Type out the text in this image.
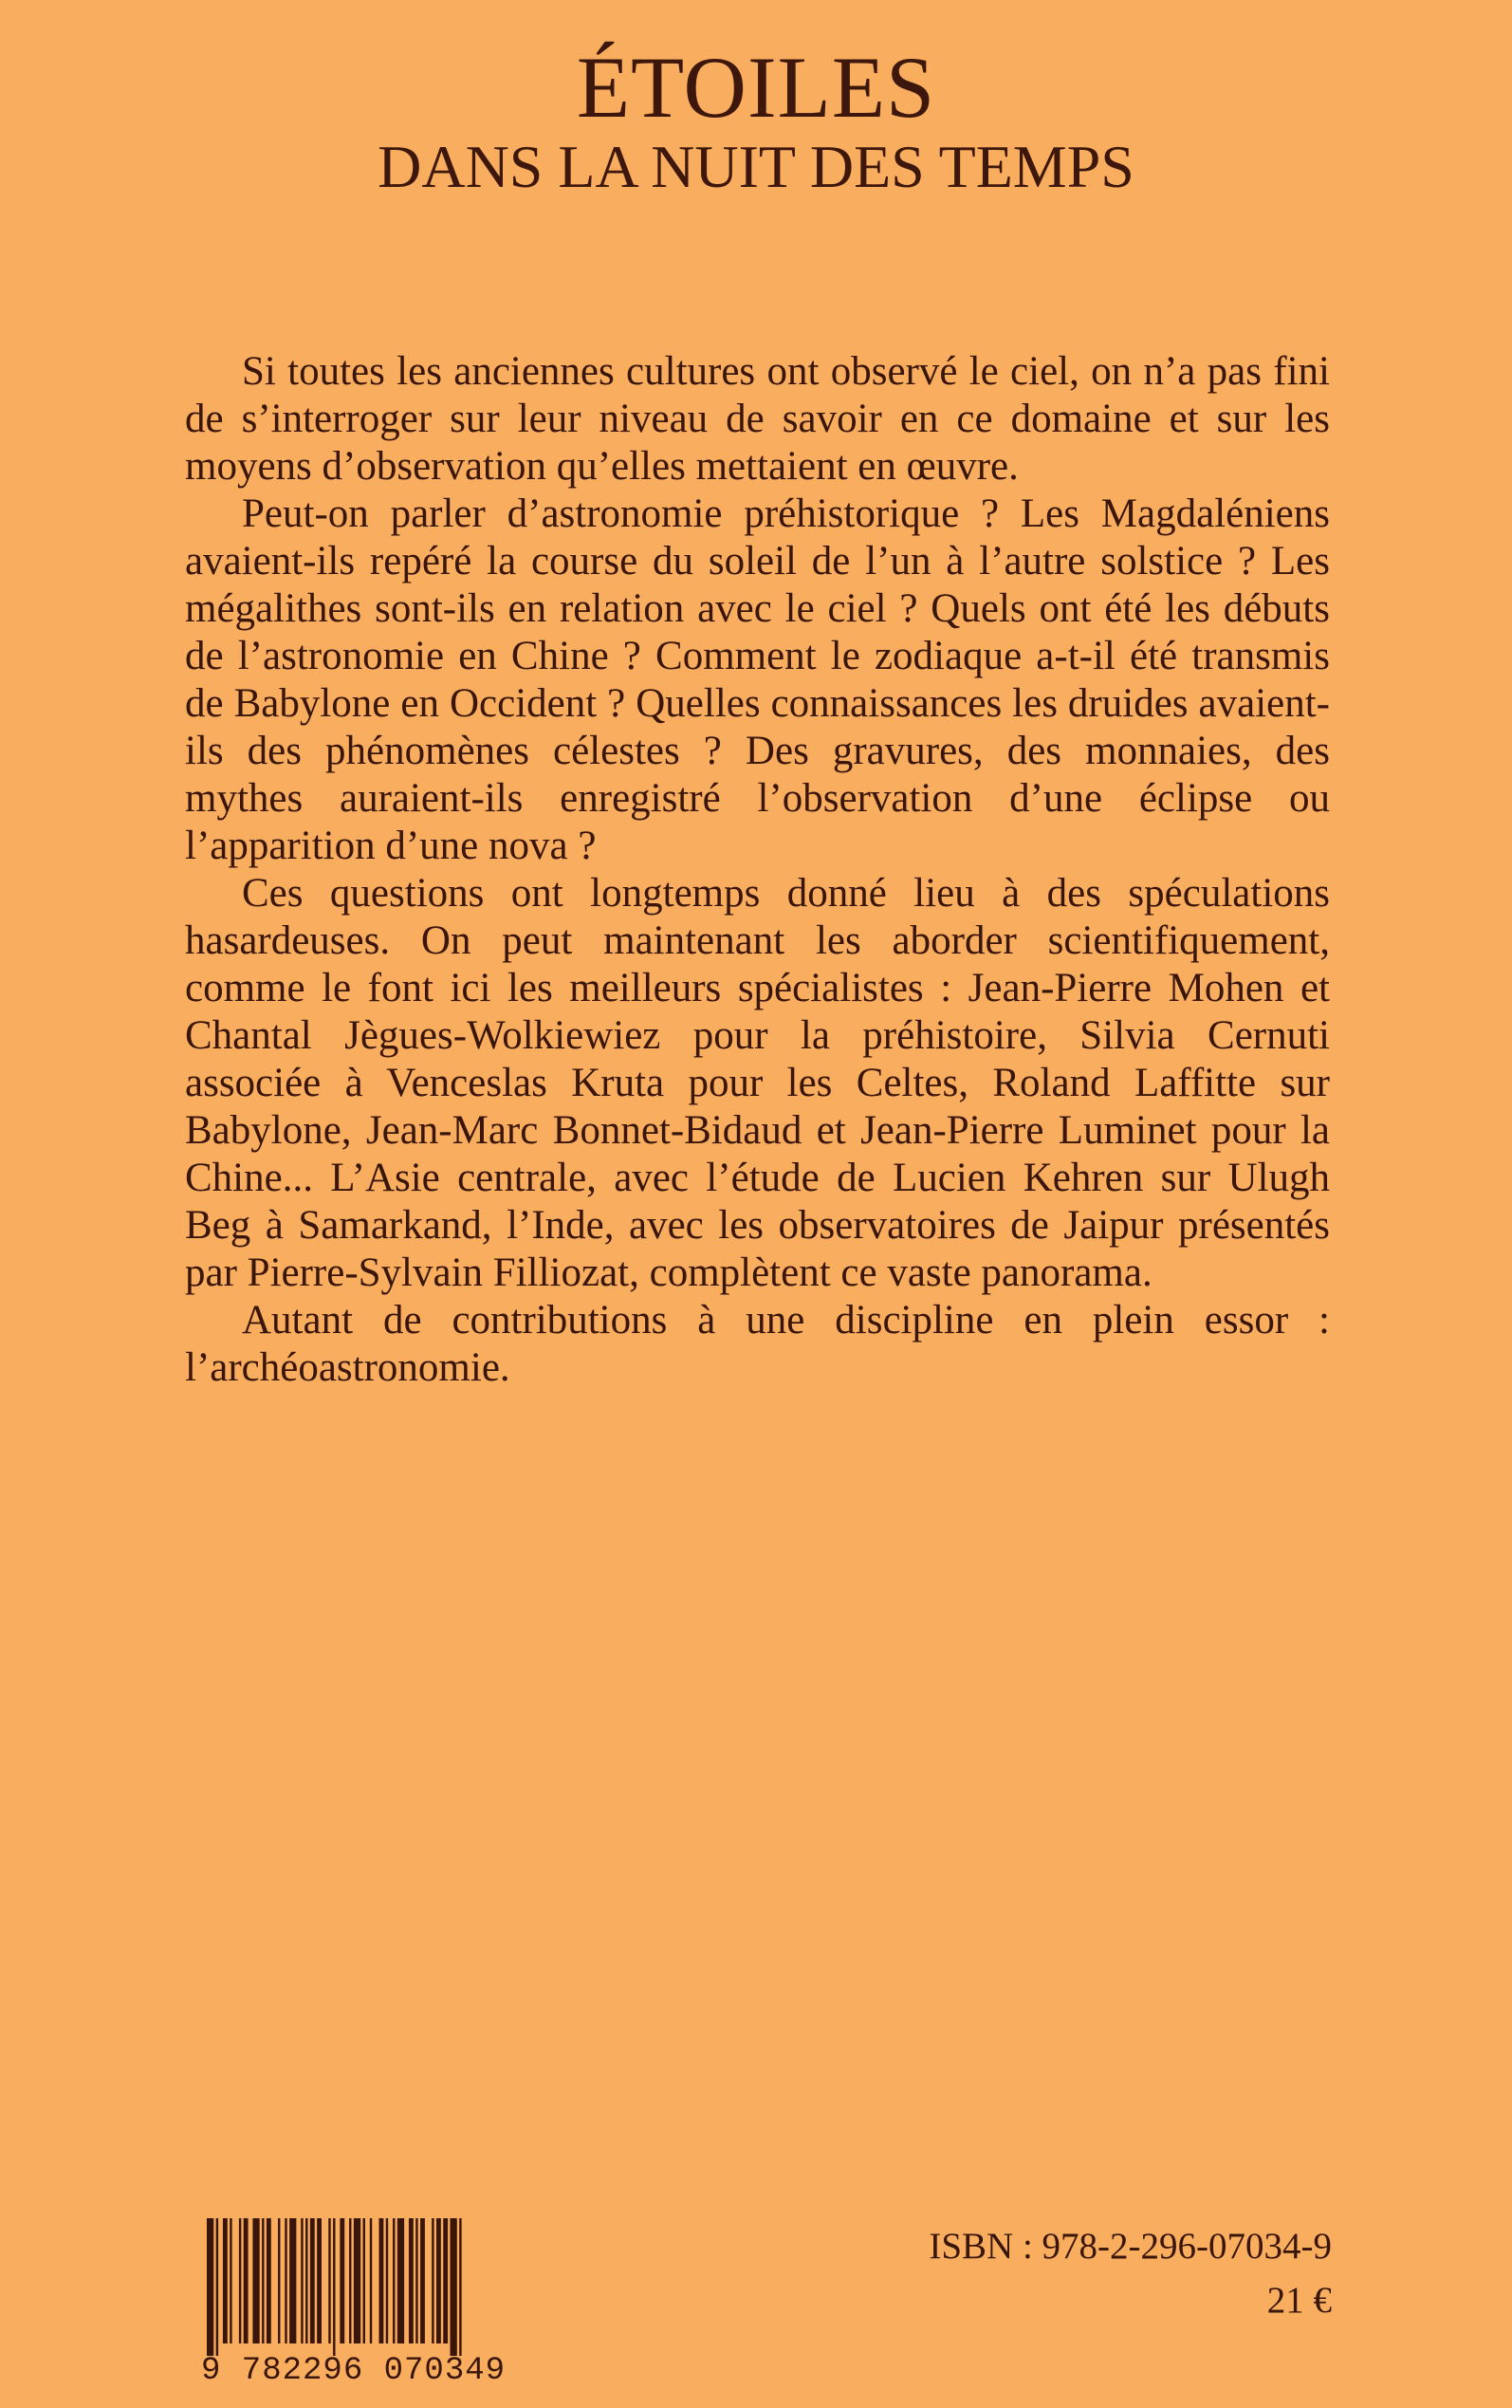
ÉTOILES
DANS LA NUIT DES TEMPS

Si toutes les anciennes cultures ont observé le ciel, on n’a pas fini de s’interroger sur leur niveau de savoir en ce domaine et sur les moyens d’observation qu’elles mettaient en œuvre.

Peut-on parler d’astronomie préhistorique ? Les Magdaléniens avaient-ils repéré la course du soleil de l’un à l’autre solstice ? Les mégalithes sont-ils en relation avec le ciel ? Quels ont été les débuts de l’astronomie en Chine ? Comment le zodiaque a-t-il été transmis de Babylone en Occident ? Quelles connaissances les druides avaient-ils des phénomènes célestes ? Des gravures, des monnaies, des mythes auraient-ils enregistré l’observation d’une éclipse ou l’apparition d’une nova ?

Ces questions ont longtemps donné lieu à des spéculations hasardeuses. On peut maintenant les aborder scientifiquement, comme le font ici les meilleurs spécialistes : Jean-Pierre Mohen et Chantal Jègues-Wolkiewiez pour la préhistoire, Silvia Cernuti associée à Venceslas Kruta pour les Celtes, Roland Laffitte sur Babylone, Jean-Marc Bonnet-Bidaud et Jean-Pierre Luminet pour la Chine... L’Asie centrale, avec l’étude de Lucien Kehren sur Ulugh Beg à Samarkand, l’Inde, avec les observatoires de Jaipur présentés par Pierre-Sylvain Filliozat, complètent ce vaste panorama.

Autant de contributions à une discipline en plein essor : l’archéoastronomie.

9 782296 070349
ISBN : 978-2-296-07034-9
21 €
